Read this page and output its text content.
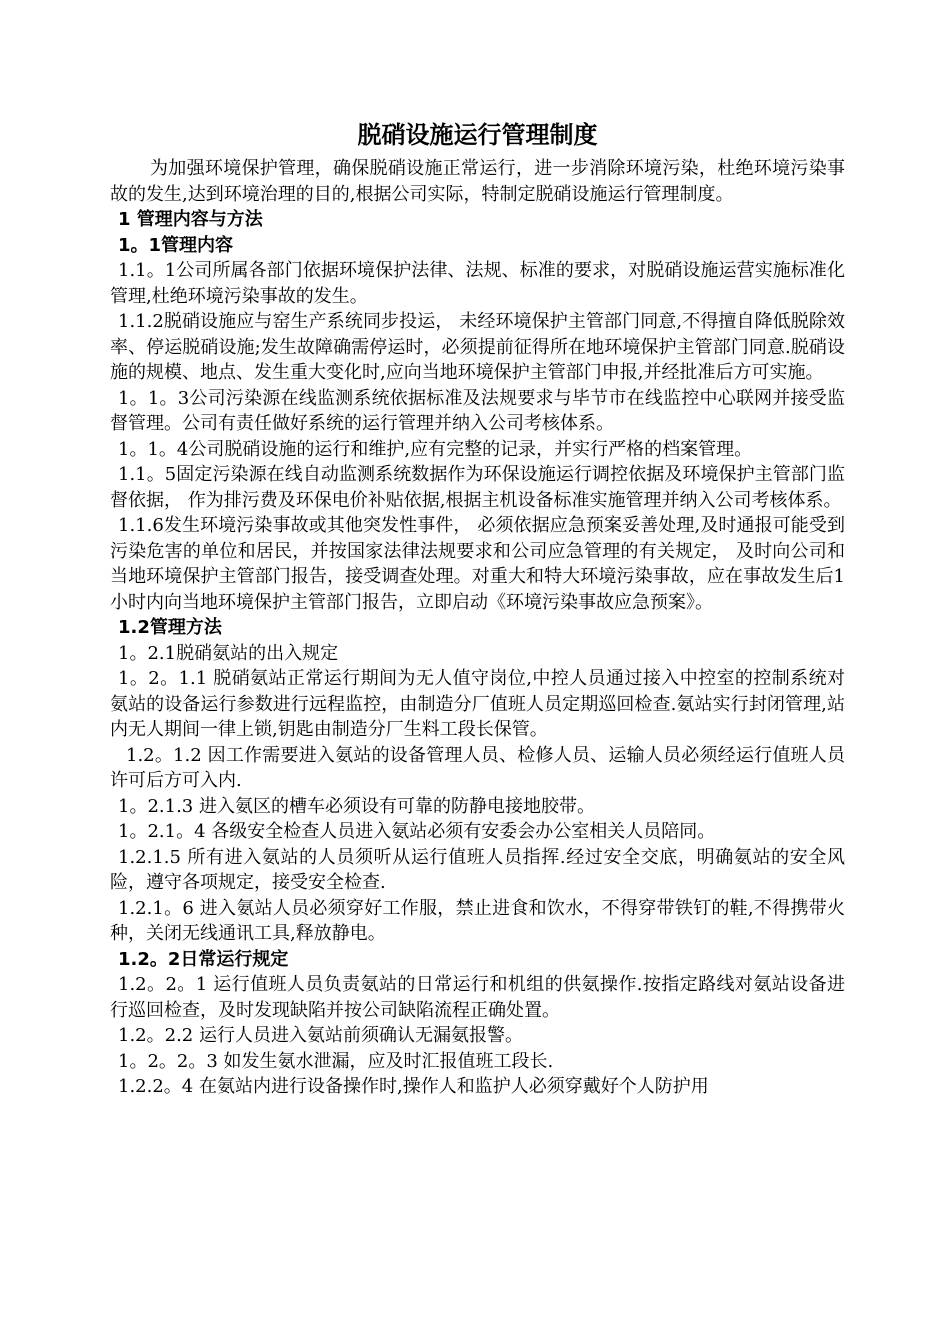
脱硝设施运行管理制度

为加强环境保护管理，确保脱硝设施正常运行，进一步消除环境污染，杜绝环境污染事故的发生,达到环境治理的目的,根据公司实际，特制定脱硝设施运行管理制度。

1 管理内容与方法

1。1管理内容

1.1。1公司所属各部门依据环境保护法律、法规、标准的要求，对脱硝设施运营实施标准化管理,杜绝环境污染事故的发生。

1.1.2脱硝设施应与窑生产系统同步投运， 未经环境保护主管部门同意,不得擅自降低脱除效率、停运脱硝设施;发生故障确需停运时，必须提前征得所在地环境保护主管部门同意.脱硝设施的规模、地点、发生重大变化时,应向当地环境保护主管部门申报,并经批准后方可实施。

1。1。3公司污染源在线监测系统依据标准及法规要求与毕节市在线监控中心联网并接受监督管理。公司有责任做好系统的运行管理并纳入公司考核体系。

1。1。4公司脱硝设施的运行和维护,应有完整的记录，并实行严格的档案管理。

1.1。5固定污染源在线自动监测系统数据作为环保设施运行调控依据及环境保护主管部门监督依据， 作为排污费及环保电价补贴依据,根据主机设备标准实施管理并纳入公司考核体系。

1.1.6发生环境污染事故或其他突发性事件， 必须依据应急预案妥善处理,及时通报可能受到污染危害的单位和居民，并按国家法律法规要求和公司应急管理的有关规定， 及时向公司和当地环境保护主管部门报告，接受调查处理。对重大和特大环境污染事故，应在事故发生后1小时内向当地环境保护主管部门报告，立即启动《环境污染事故应急预案》。

1.2管理方法

1。2.1脱硝氨站的出入规定

1。2。1.1 脱硝氨站正常运行期间为无人值守岗位,中控人员通过接入中控室的控制系统对氨站的设备运行参数进行远程监控，由制造分厂值班人员定期巡回检查.氨站实行封闭管理,站内无人期间一律上锁,钥匙由制造分厂生料工段长保管。

1.2。1.2 因工作需要进入氨站的设备管理人员、检修人员、运输人员必须经运行值班人员许可后方可入内.

1。2.1.3 进入氨区的槽车必须设有可靠的防静电接地胶带。

1。2.1。4 各级安全检查人员进入氨站必须有安委会办公室相关人员陪同。

1.2.1.5 所有进入氨站的人员须听从运行值班人员指挥.经过安全交底，明确氨站的安全风险，遵守各项规定，接受安全检查.

1.2.1。6 进入氨站人员必须穿好工作服，禁止进食和饮水，不得穿带铁钉的鞋,不得携带火种，关闭无线通讯工具,释放静电。

1.2。2日常运行规定

1.2。2。1 运行值班人员负责氨站的日常运行和机组的供氨操作.按指定路线对氨站设备进行巡回检查，及时发现缺陷并按公司缺陷流程正确处置。

1.2。2.2 运行人员进入氨站前须确认无漏氨报警。

1。2。2。3 如发生氨水泄漏，应及时汇报值班工段长.

1.2.2。4 在氨站内进行设备操作时,操作人和监护人必须穿戴好个人防护用
